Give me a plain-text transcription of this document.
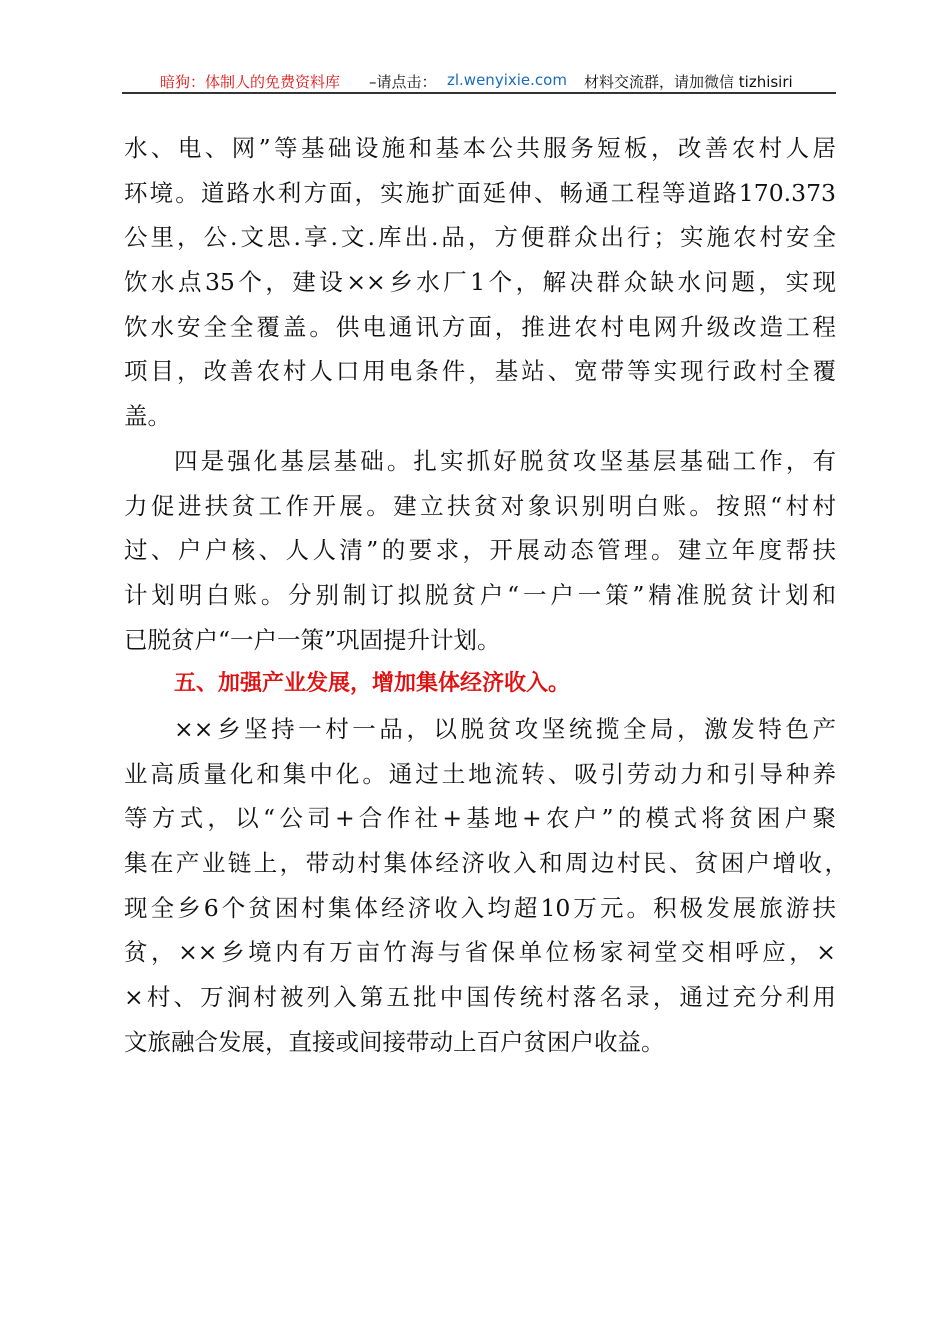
暗狗：体制人的免费资料库 –请点击： zl.wenyixie.com 材料交流群，请加微信 tizhisiri
水、电、网”等基础设施和基本公共服务短板，改善农村人居
环境。道路水利方面，实施扩面延伸、畅通工程等道路170.373
公里，公.文思.享.文.库出.品，方便群众出行；实施农村安全
饮水点35个，建设××乡水厂1个，解决群众缺水问题，实现
饮水安全全覆盖。供电通讯方面，推进农村电网升级改造工程
项目，改善农村人口用电条件，基站、宽带等实现行政村全覆
盖。
四是强化基层基础。扎实抓好脱贫攻坚基层基础工作，有
力促进扶贫工作开展。建立扶贫对象识别明白账。按照“村村
过、户户核、人人清”的要求，开展动态管理。建立年度帮扶
计划明白账。分别制订拟脱贫户“一户一策”精准脱贫计划和
已脱贫户“一户一策”巩固提升计划。
五、加强产业发展，增加集体经济收入。
××乡坚持一村一品，以脱贫攻坚统揽全局，激发特色产
业高质量化和集中化。通过土地流转、吸引劳动力和引导种养
等方式，以“公司+合作社+基地+农户”的模式将贫困户聚
集在产业链上，带动村集体经济收入和周边村民、贫困户增收，
现全乡6个贫困村集体经济收入均超10万元。积极发展旅游扶
贫，××乡境内有万亩竹海与省保单位杨家祠堂交相呼应，×
×村、万涧村被列入第五批中国传统村落名录，通过充分利用
文旅融合发展，直接或间接带动上百户贫困户收益。
